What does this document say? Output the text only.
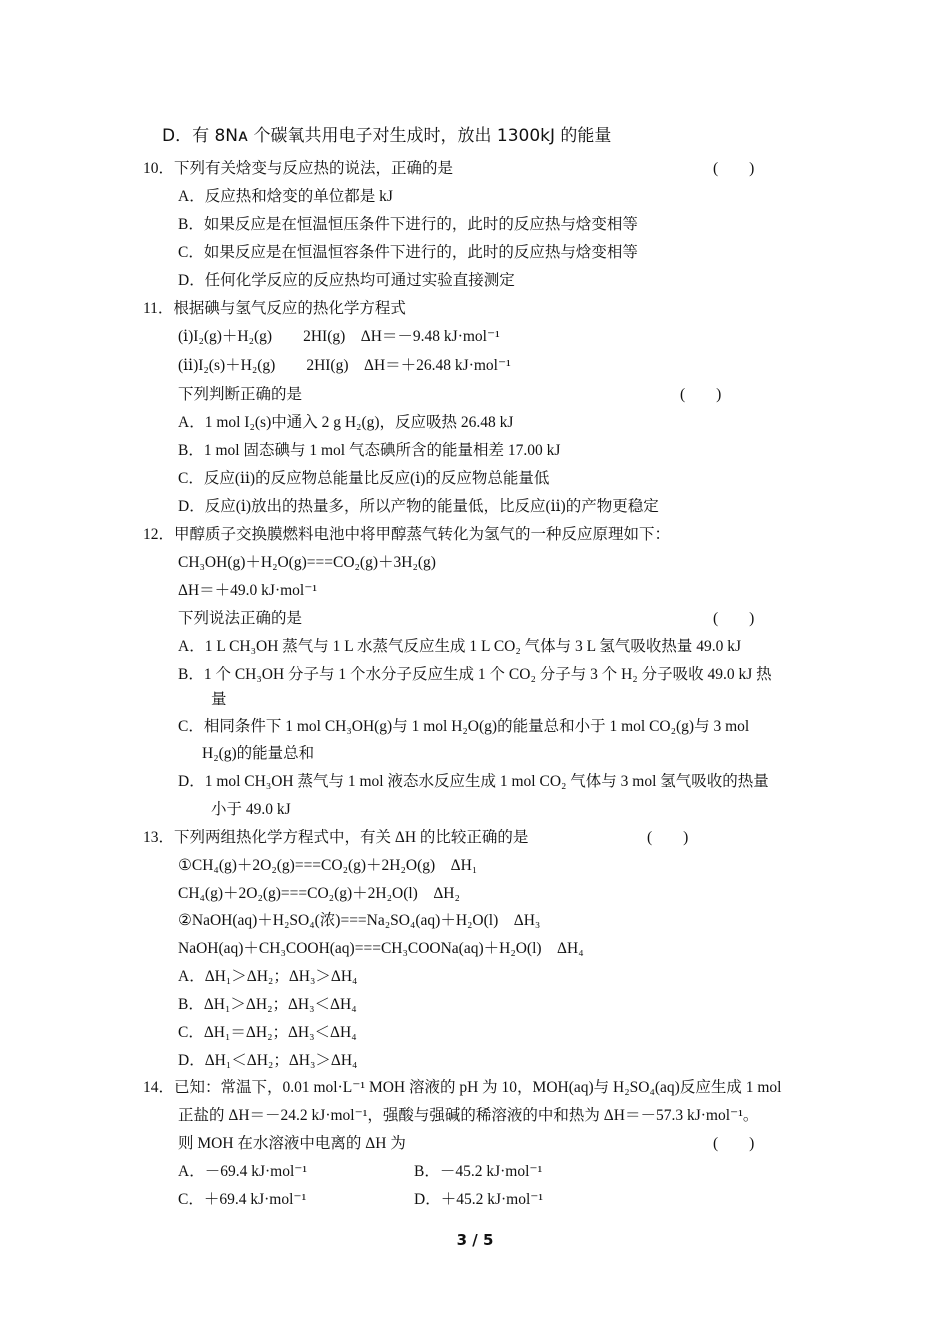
D．有 8Nᴀ 个碳氧共用电子对生成时，放出 1300kJ 的能量
10．下列有关焓变与反应热的说法，正确的是	(　　)
A．反应热和焓变的单位都是 kJ
B．如果反应是在恒温恒压条件下进行的，此时的反应热与焓变相等
C．如果反应是在恒温恒容条件下进行的，此时的反应热与焓变相等
D．任何化学反应的反应热均可通过实验直接测定
11．根据碘与氢气反应的热化学方程式
(ⅰ)I₂(g)＋H₂(g)　　2HI(g)　ΔH＝－9.48 kJ·mol⁻¹
(ⅱ)I₂(s)＋H₂(g)　　2HI(g)　ΔH＝＋26.48 kJ·mol⁻¹
下列判断正确的是	(　　)
A．1 mol I₂(s)中通入 2 g H₂(g)，反应吸热 26.48 kJ
B．1 mol 固态碘与 1 mol 气态碘所含的能量相差 17.00 kJ
C．反应(ⅱ)的反应物总能量比反应(ⅰ)的反应物总能量低
D．反应(ⅰ)放出的热量多，所以产物的能量低，比反应(ⅱ)的产物更稳定
12．甲醇质子交换膜燃料电池中将甲醇蒸气转化为氢气的一种反应原理如下：
CH₃OH(g)＋H₂O(g)===CO₂(g)＋3H₂(g)
ΔH＝＋49.0 kJ·mol⁻¹
下列说法正确的是	(　　)
A．1 L CH₃OH 蒸气与 1 L 水蒸气反应生成 1 L CO₂ 气体与 3 L 氢气吸收热量 49.0 kJ
B．1 个 CH₃OH 分子与 1 个水分子反应生成 1 个 CO₂ 分子与 3 个 H₂ 分子吸收 49.0 kJ 热
量
C．相同条件下 1 mol CH₃OH(g)与 1 mol H₂O(g)的能量总和小于 1 mol CO₂(g)与 3 mol
H₂(g)的能量总和
D．1 mol CH₃OH 蒸气与 1 mol 液态水反应生成 1 mol CO₂ 气体与 3 mol 氢气吸收的热量
小于 49.0 kJ
13．下列两组热化学方程式中，有关 ΔH 的比较正确的是	(　　)
①CH₄(g)＋2O₂(g)===CO₂(g)＋2H₂O(g)　ΔH₁
CH₄(g)＋2O₂(g)===CO₂(g)＋2H₂O(l)　ΔH₂
②NaOH(aq)＋H₂SO₄(浓)===Na₂SO₄(aq)＋H₂O(l)　ΔH₃
NaOH(aq)＋CH₃COOH(aq)===CH₃COONa(aq)＋H₂O(l)　ΔH₄
A．ΔH₁＞ΔH₂；ΔH₃＞ΔH₄
B．ΔH₁＞ΔH₂；ΔH₃＜ΔH₄
C．ΔH₁＝ΔH₂；ΔH₃＜ΔH₄
D．ΔH₁＜ΔH₂；ΔH₃＞ΔH₄
14．已知：常温下，0.01 mol·L⁻¹ MOH 溶液的 pH 为 10，MOH(aq)与 H₂SO₄(aq)反应生成 1 mol
正盐的 ΔH＝－24.2 kJ·mol⁻¹，强酸与强碱的稀溶液的中和热为 ΔH＝－57.3 kJ·mol⁻¹。
则 MOH 在水溶液中电离的 ΔH 为	(　　)
A．－69.4 kJ·mol⁻¹	B．－45.2 kJ·mol⁻¹
C．＋69.4 kJ·mol⁻¹	D．＋45.2 kJ·mol⁻¹
3 / 5
